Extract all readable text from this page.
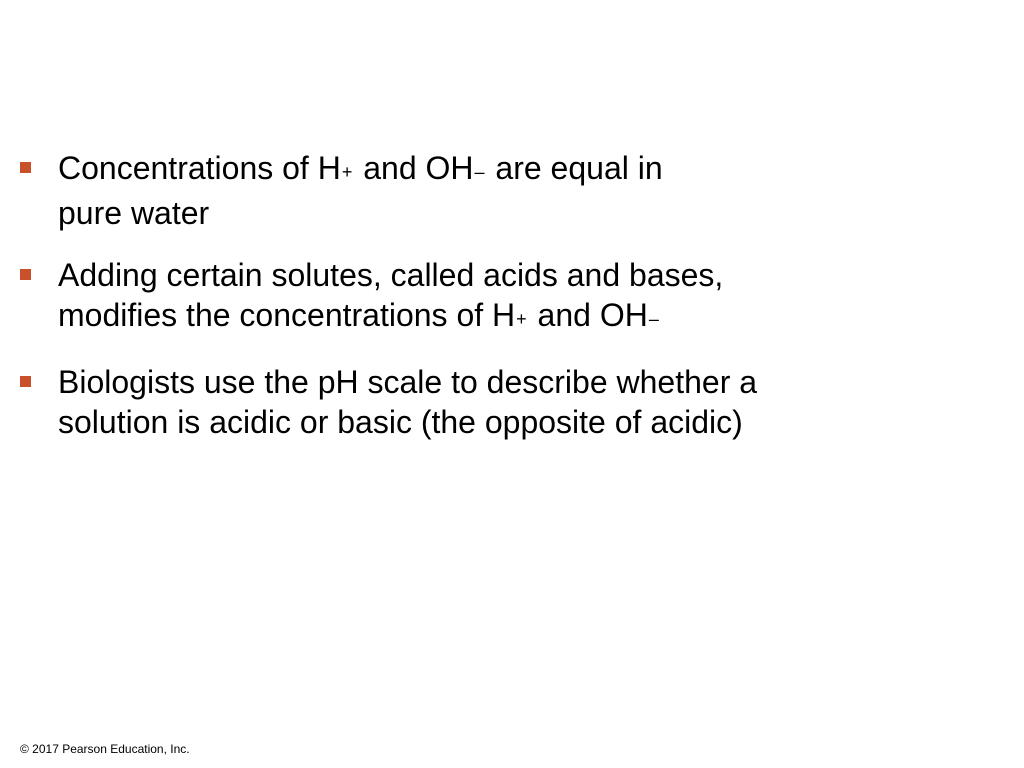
Concentrations of H+ and OH– are equal in
pure water
Adding certain solutes, called acids and bases,
modifies the concentrations of H+ and OH–
Biologists use the pH scale to describe whether a
solution is acidic or basic (the opposite of acidic)
© 2017 Pearson Education, Inc.
